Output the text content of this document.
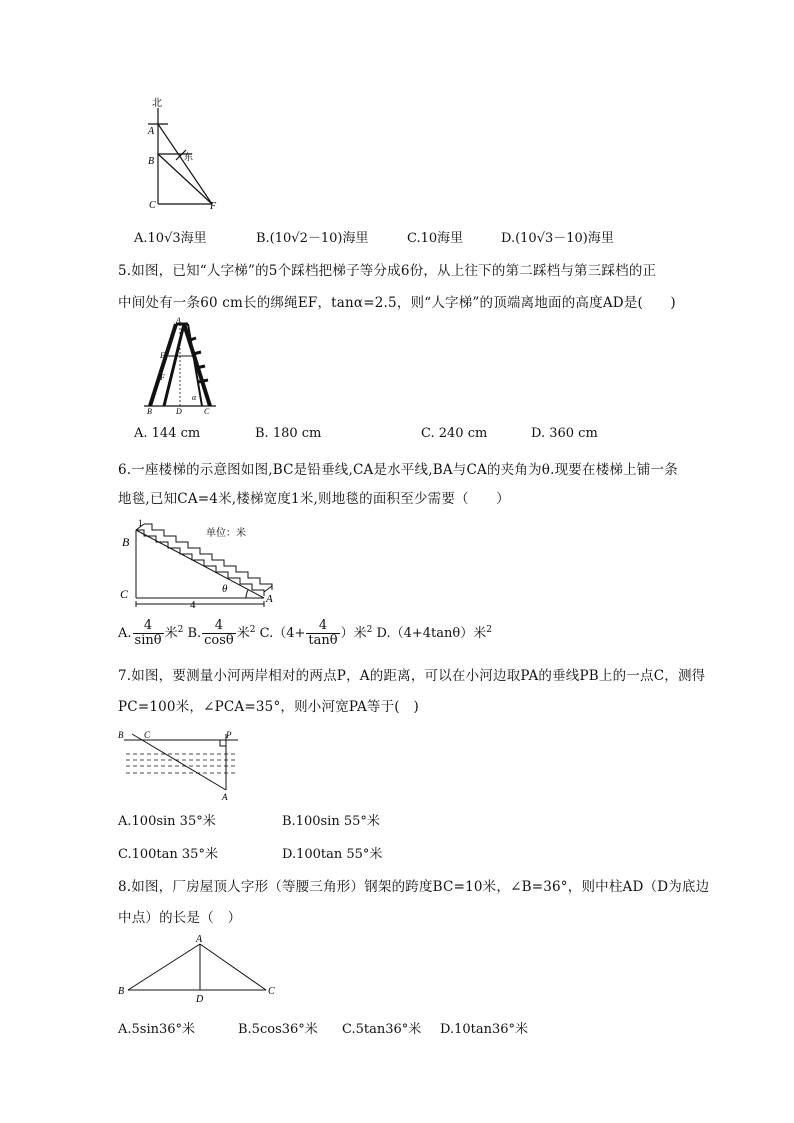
北
A
B	东
C	F
A.10√3海里	B.(10√2－10)海里	C.10海里	D.(10√3－10)海里
5.如图，已知“人字梯”的5个踩档把梯子等分成6份，从上往下的第二踩档与第三踩档的正
中间处有一条60 cm长的绑绳EF，tanα=2.5，则“人字梯”的顶端离地面的高度AD是(　　)
A
E
F
α
B	D	C
A. 144 cm	B. 180 cm	C. 240 cm	D. 360 cm
6.一座楼梯的示意图如图,BC是铅垂线,CA是水平线,BA与CA的夹角为θ.现要在楼梯上铺一条
地毯,已知CA=4米,楼梯宽度1米,则地毯的面积至少需要（　　）
1
单位：米
B
C	θ
A
4
A. $\frac{4}{\sin\theta}$ 米$^2$ B. $\frac{4}{\cos\theta}$ 米$^2$ $C.(4+ \frac{4}{\tan\theta}$ ）米$^2$ D.（4+4tanθ）米$^2$
7.如图，要测量小河两岸相对的两点P，A的距离，可以在小河边取PA的垂线PB上的一点C，测得
PC=100米，∠PCA=35°，则小河宽PA等于(　)
B C	P
A
A.100sin 35°米	B.100sin 55°米
C.100tan 35°米	D.100tan 55°米
8.如图，厂房屋顶人字形（等腰三角形）钢架的跨度BC=10米，∠B=36°，则中柱AD（D为底边
中点）的长是（　）
A
B
D
C
A.5sin36°米	B.5cos36°米 C.5tan36°米 D.10tan36°米
